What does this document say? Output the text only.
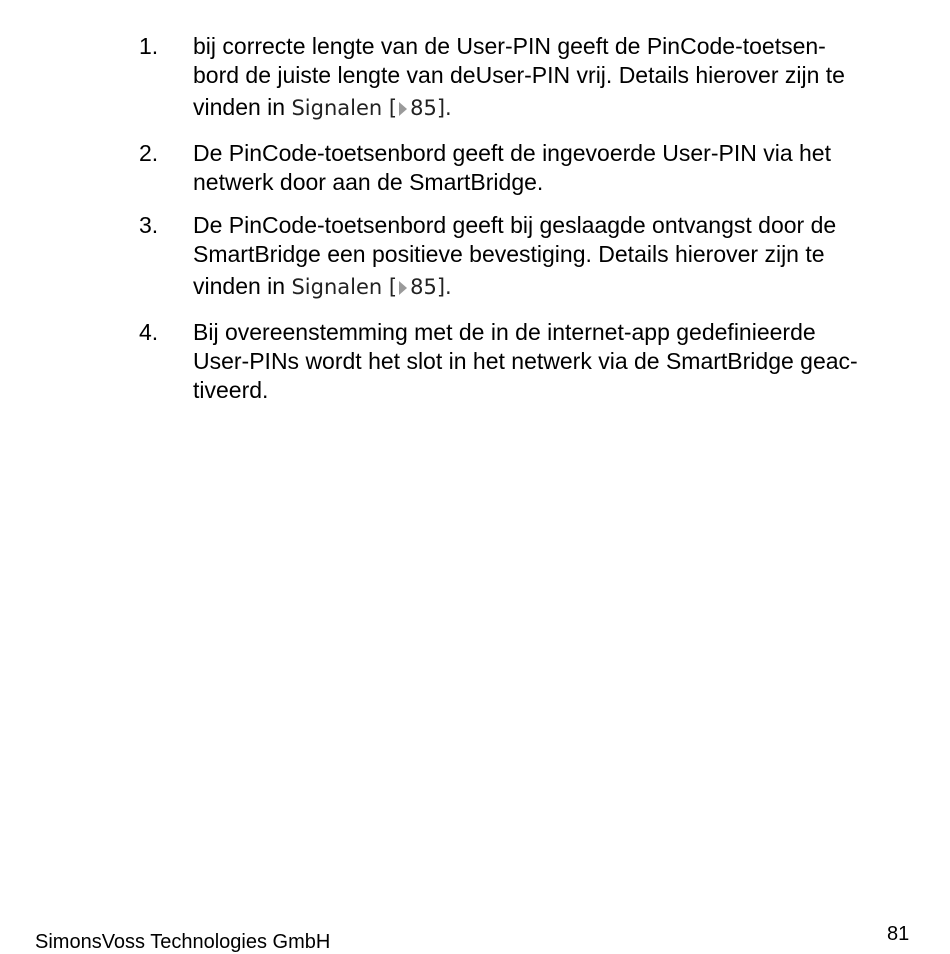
1.	bij correcte lengte van de User-PIN geeft de PinCode-toetsen-
bord de juiste lengte van deUser-PIN vrij. Details hierover zijn te
vinden in Signalen [ 85].
2.	De PinCode-toetsenbord geeft de ingevoerde User-PIN via het
netwerk door aan de SmartBridge.
3.	De PinCode-toetsenbord geeft bij geslaagde ontvangst door de
SmartBridge een positieve bevestiging. Details hierover zijn te
vinden in Signalen [ 85].
4.	Bij overeenstemming met de in de internet-app gedefinieerde
User-PINs wordt het slot in het netwerk via de SmartBridge geac-
tiveerd.
SimonsVoss Technologies GmbH	81
